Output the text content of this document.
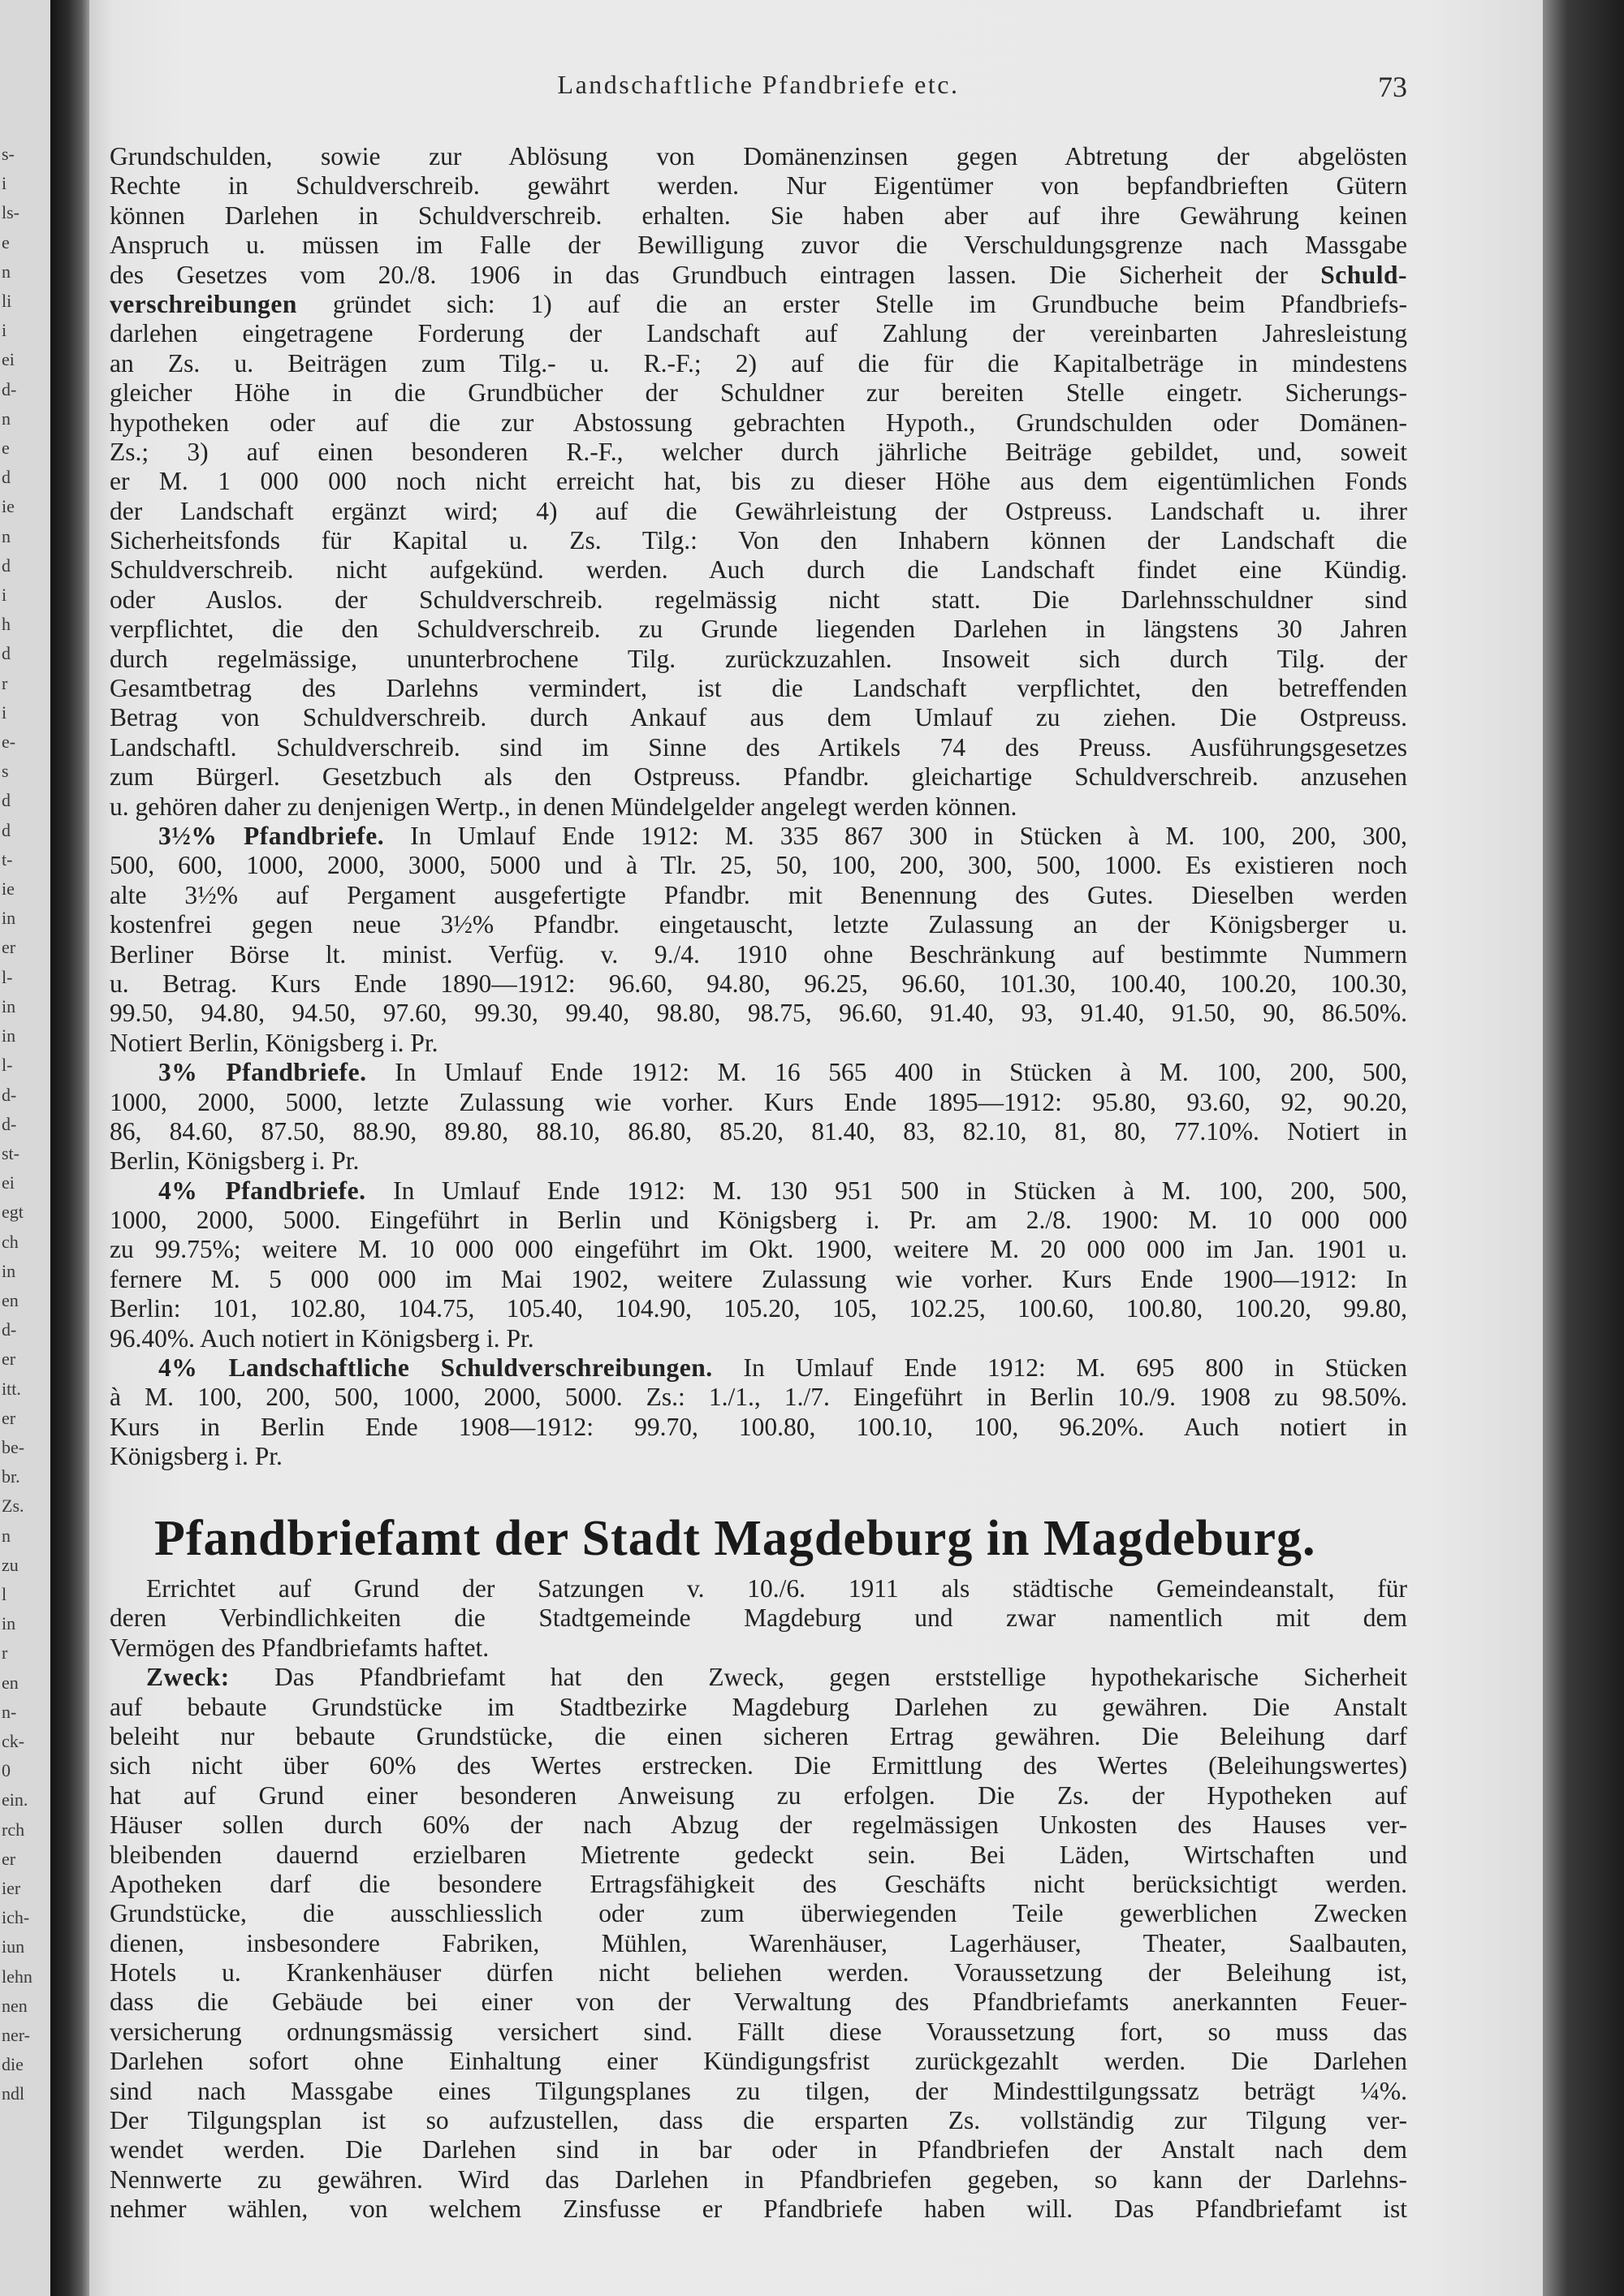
s-
i
ls-
e
n
li
i
ei
d-
n
e
d
ie
n
d
i
h
d
r
i
e-
s
d
d
t-
ie
in
er
l-
in
in
l-
d-
d-
st-
ei
egt
ch
in
en
d-
er
itt.
er
be-
br.
Zs.
n
zu
l
in
r
en
n-
ck-
0
ein.
rch
er
ier
ich-
iun
lehn
nen
ner-
die
ndl
Landschaftliche Pfandbriefe etc.	73
Grundschulden, sowie zur Ablösung von Domänenzinsen gegen Abtretung der abgelösten
Rechte in Schuldverschreib. gewährt werden. Nur Eigentümer von bepfandbrieften Gütern
können Darlehen in Schuldverschreib. erhalten. Sie haben aber auf ihre Gewährung keinen
Anspruch u. müssen im Falle der Bewilligung zuvor die Verschuldungsgrenze nach Massgabe
des Gesetzes vom 20./8. 1906 in das Grundbuch eintragen lassen. Die Sicherheit der Schuld-
verschreibungen gründet sich: 1) auf die an erster Stelle im Grundbuche beim Pfandbriefs-
darlehen eingetragene Forderung der Landschaft auf Zahlung der vereinbarten Jahresleistung
an Zs. u. Beiträgen zum Tilg.- u. R.-F.; 2) auf die für die Kapitalbeträge in mindestens
gleicher Höhe in die Grundbücher der Schuldner zur bereiten Stelle eingetr. Sicherungs-
hypotheken oder auf die zur Abstossung gebrachten Hypoth., Grundschulden oder Domänen-
Zs.; 3) auf einen besonderen R.-F., welcher durch jährliche Beiträge gebildet, und, soweit
er M. 1 000 000 noch nicht erreicht hat, bis zu dieser Höhe aus dem eigentümlichen Fonds
der Landschaft ergänzt wird; 4) auf die Gewährleistung der Ostpreuss. Landschaft u. ihrer
Sicherheitsfonds für Kapital u. Zs. Tilg.: Von den Inhabern können der Landschaft die
Schuldverschreib. nicht aufgekünd. werden. Auch durch die Landschaft findet eine Kündig.
oder Auslos. der Schuldverschreib. regelmässig nicht statt. Die Darlehnsschuldner sind
verpflichtet, die den Schuldverschreib. zu Grunde liegenden Darlehen in längstens 30 Jahren
durch regelmässige, ununterbrochene Tilg. zurückzuzahlen. Insoweit sich durch Tilg. der
Gesamtbetrag des Darlehns vermindert, ist die Landschaft verpflichtet, den betreffenden
Betrag von Schuldverschreib. durch Ankauf aus dem Umlauf zu ziehen. Die Ostpreuss.
Landschaftl. Schuldverschreib. sind im Sinne des Artikels 74 des Preuss. Ausführungsgesetzes
zum Bürgerl. Gesetzbuch als den Ostpreuss. Pfandbr. gleichartige Schuldverschreib. anzusehen
u. gehören daher zu denjenigen Wertp., in denen Mündelgelder angelegt werden können.
3½% Pfandbriefe. In Umlauf Ende 1912: M. 335 867 300 in Stücken à M. 100, 200, 300,
500, 600, 1000, 2000, 3000, 5000 und à Tlr. 25, 50, 100, 200, 300, 500, 1000. Es existieren noch
alte 3½% auf Pergament ausgefertigte Pfandbr. mit Benennung des Gutes. Dieselben werden
kostenfrei gegen neue 3½% Pfandbr. eingetauscht, letzte Zulassung an der Königsberger u.
Berliner Börse lt. minist. Verfüg. v. 9./4. 1910 ohne Beschränkung auf bestimmte Nummern
u. Betrag. Kurs Ende 1890—1912: 96.60, 94.80, 96.25, 96.60, 101.30, 100.40, 100.20, 100.30,
99.50, 94.80, 94.50, 97.60, 99.30, 99.40, 98.80, 98.75, 96.60, 91.40, 93, 91.40, 91.50, 90, 86.50%.
Notiert Berlin, Königsberg i. Pr.
3% Pfandbriefe. In Umlauf Ende 1912: M. 16 565 400 in Stücken à M. 100, 200, 500,
1000, 2000, 5000, letzte Zulassung wie vorher. Kurs Ende 1895—1912: 95.80, 93.60, 92, 90.20,
86, 84.60, 87.50, 88.90, 89.80, 88.10, 86.80, 85.20, 81.40, 83, 82.10, 81, 80, 77.10%. Notiert in
Berlin, Königsberg i. Pr.
4% Pfandbriefe. In Umlauf Ende 1912: M. 130 951 500 in Stücken à M. 100, 200, 500,
1000, 2000, 5000. Eingeführt in Berlin und Königsberg i. Pr. am 2./8. 1900: M. 10 000 000
zu 99.75%; weitere M. 10 000 000 eingeführt im Okt. 1900, weitere M. 20 000 000 im Jan. 1901 u.
fernere M. 5 000 000 im Mai 1902, weitere Zulassung wie vorher. Kurs Ende 1900—1912: In
Berlin: 101, 102.80, 104.75, 105.40, 104.90, 105.20, 105, 102.25, 100.60, 100.80, 100.20, 99.80,
96.40%. Auch notiert in Königsberg i. Pr.
4% Landschaftliche Schuldverschreibungen. In Umlauf Ende 1912: M. 695 800 in Stücken
à M. 100, 200, 500, 1000, 2000, 5000. Zs.: 1./1., 1./7. Eingeführt in Berlin 10./9. 1908 zu 98.50%.
Kurs in Berlin Ende 1908—1912: 99.70, 100.80, 100.10, 100, 96.20%. Auch notiert in
Königsberg i. Pr.
Pfandbriefamt der Stadt Magdeburg in Magdeburg.
Errichtet auf Grund der Satzungen v. 10./6. 1911 als städtische Gemeindeanstalt, für
deren Verbindlichkeiten die Stadtgemeinde Magdeburg und zwar namentlich mit dem
Vermögen des Pfandbriefamts haftet.
Zweck: Das Pfandbriefamt hat den Zweck, gegen erststellige hypothekarische Sicherheit
auf bebaute Grundstücke im Stadtbezirke Magdeburg Darlehen zu gewähren. Die Anstalt
beleiht nur bebaute Grundstücke, die einen sicheren Ertrag gewähren. Die Beleihung darf
sich nicht über 60% des Wertes erstrecken. Die Ermittlung des Wertes (Beleihungswertes)
hat auf Grund einer besonderen Anweisung zu erfolgen. Die Zs. der Hypotheken auf
Häuser sollen durch 60% der nach Abzug der regelmässigen Unkosten des Hauses ver-
bleibenden dauernd erzielbaren Mietrente gedeckt sein. Bei Läden, Wirtschaften und
Apotheken darf die besondere Ertragsfähigkeit des Geschäfts nicht berücksichtigt werden.
Grundstücke, die ausschliesslich oder zum überwiegenden Teile gewerblichen Zwecken
dienen, insbesondere Fabriken, Mühlen, Warenhäuser, Lagerhäuser, Theater, Saalbauten,
Hotels u. Krankenhäuser dürfen nicht beliehen werden. Voraussetzung der Beleihung ist,
dass die Gebäude bei einer von der Verwaltung des Pfandbriefamts anerkannten Feuer-
versicherung ordnungsmässig versichert sind. Fällt diese Voraussetzung fort, so muss das
Darlehen sofort ohne Einhaltung einer Kündigungsfrist zurückgezahlt werden. Die Darlehen
sind nach Massgabe eines Tilgungsplanes zu tilgen, der Mindesttilgungssatz beträgt ¼%.
Der Tilgungsplan ist so aufzustellen, dass die ersparten Zs. vollständig zur Tilgung ver-
wendet werden. Die Darlehen sind in bar oder in Pfandbriefen der Anstalt nach dem
Nennwerte zu gewähren. Wird das Darlehen in Pfandbriefen gegeben, so kann der Darlehns-
nehmer wählen, von welchem Zinsfusse er Pfandbriefe haben will. Das Pfandbriefamt ist
